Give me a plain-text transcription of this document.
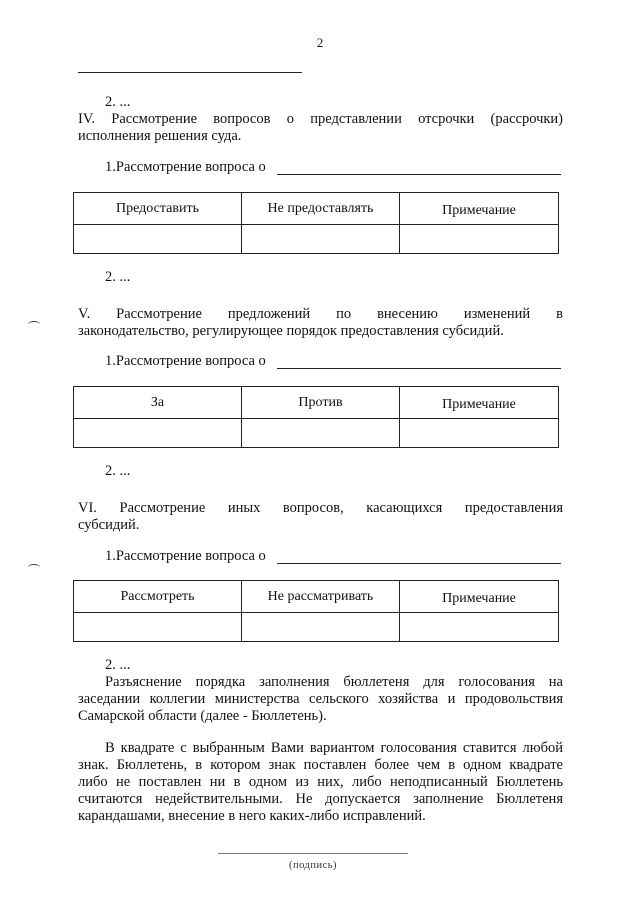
2
2. ...
IV. Рассмотрение вопросов о представлении отсрочки (рассрочки)
исполнения решения суда.
1.Рассмотрение вопроса о
Предоставить	Не предоставлять	Примечание

2. ...
V. Рассмотрение предложений по внесению изменений в
законодательство, регулирующее порядок предоставления субсидий.
1.Рассмотрение вопроса о
За	Против	Примечание

2. ...
VI. Рассмотрение иных вопросов, касающихся предоставления
субсидий.
1.Рассмотрение вопроса о
Рассмотреть	Не рассматривать	Примечание

2. ...
Разъяснение порядка заполнения бюллетеня для голосования на
заседании коллегии министерства сельского хозяйства и продовольствия
Самарской области (далее - Бюллетень).
В квадрате с выбранным Вами вариантом голосования ставится любой
знак. Бюллетень, в котором знак поставлен более чем в одном квадрате
либо не поставлен ни в одном из них, либо неподписанный Бюллетень
считаются недействительными. Не допускается заполнение Бюллетеня
карандашами, внесение в него каких-либо исправлений.
(подпись)
